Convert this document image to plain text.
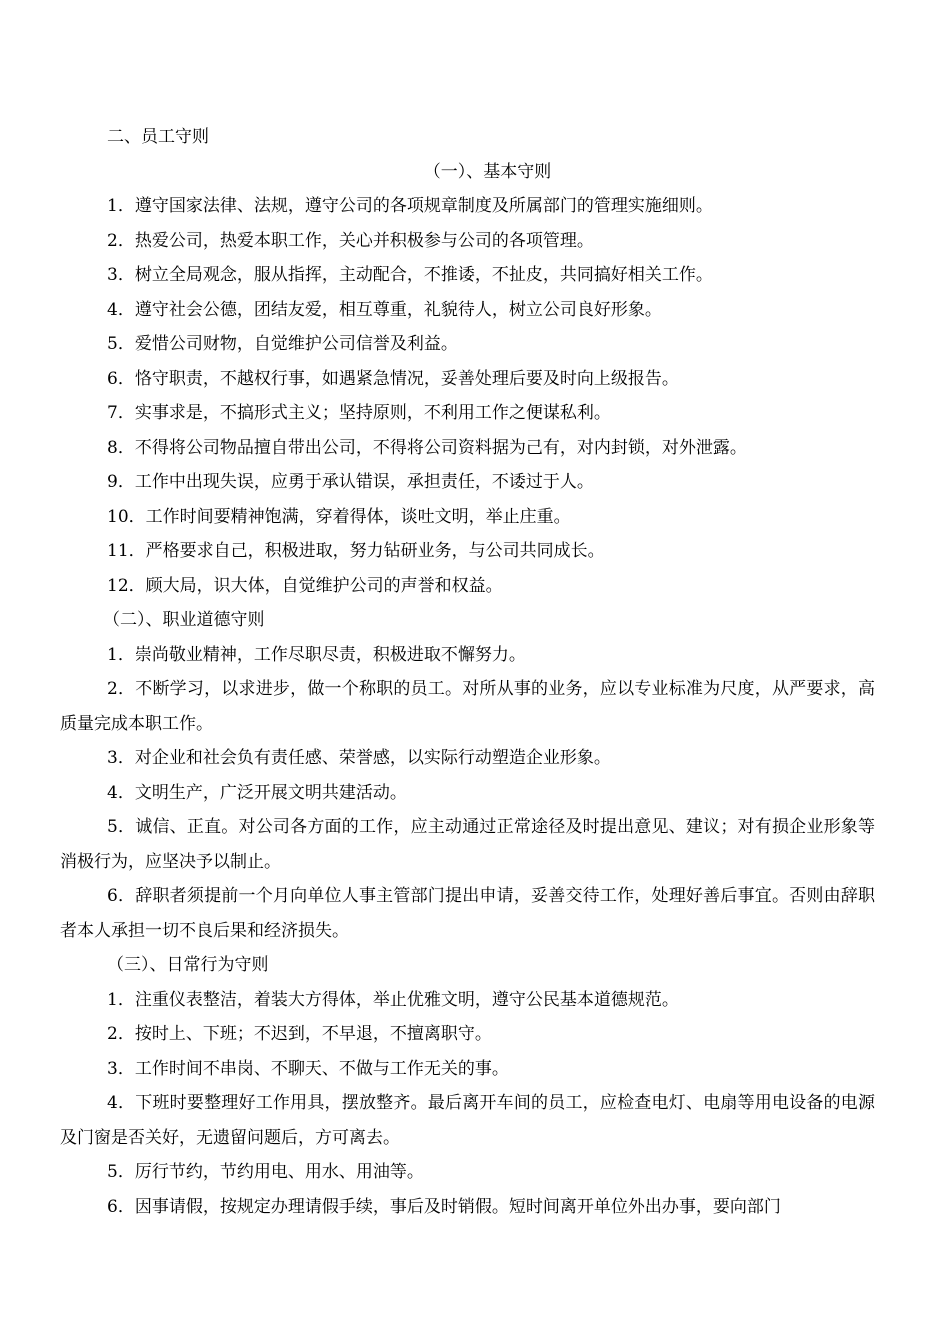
二、员工守则

（一）、基本守则

1．遵守国家法律、法规，遵守公司的各项规章制度及所属部门的管理实施细则。

2．热爱公司，热爱本职工作，关心并积极参与公司的各项管理。

3．树立全局观念，服从指挥，主动配合，不推诿，不扯皮，共同搞好相关工作。

4．遵守社会公德，团结友爱，相互尊重，礼貌待人，树立公司良好形象。

5．爱惜公司财物，自觉维护公司信誉及利益。

6．恪守职责，不越权行事，如遇紧急情况，妥善处理后要及时向上级报告。

7．实事求是，不搞形式主义；坚持原则，不利用工作之便谋私利。

8．不得将公司物品擅自带出公司，不得将公司资料据为己有，对内封锁，对外泄露。

9．工作中出现失误，应勇于承认错误，承担责任，不诿过于人。

10．工作时间要精神饱满，穿着得体，谈吐文明，举止庄重。

11．严格要求自己，积极进取，努力钻研业务，与公司共同成长。

12．顾大局，识大体，自觉维护公司的声誉和权益。

（二）、职业道德守则

1．崇尚敬业精神，工作尽职尽责，积极进取不懈努力。

2．不断学习，以求进步，做一个称职的员工。对所从事的业务，应以专业标准为尺度，从严要求，高质量完成本职工作。

3．对企业和社会负有责任感、荣誉感，以实际行动塑造企业形象。

4．文明生产，广泛开展文明共建活动。

5．诚信、正直。对公司各方面的工作，应主动通过正常途径及时提出意见、建议；对有损企业形象等消极行为，应坚决予以制止。

6．辞职者须提前一个月向单位人事主管部门提出申请，妥善交待工作，处理好善后事宜。否则由辞职者本人承担一切不良后果和经济损失。

（三）、日常行为守则

1．注重仪表整洁，着装大方得体，举止优雅文明，遵守公民基本道德规范。

2．按时上、下班；不迟到，不早退，不擅离职守。

3．工作时间不串岗、不聊天、不做与工作无关的事。

4．下班时要整理好工作用具，摆放整齐。最后离开车间的员工，应检查电灯、电扇等用电设备的电源及门窗是否关好，无遗留问题后，方可离去。

5．厉行节约，节约用电、用水、用油等。

6．因事请假，按规定办理请假手续，事后及时销假。短时间离开单位外出办事，要向部门
